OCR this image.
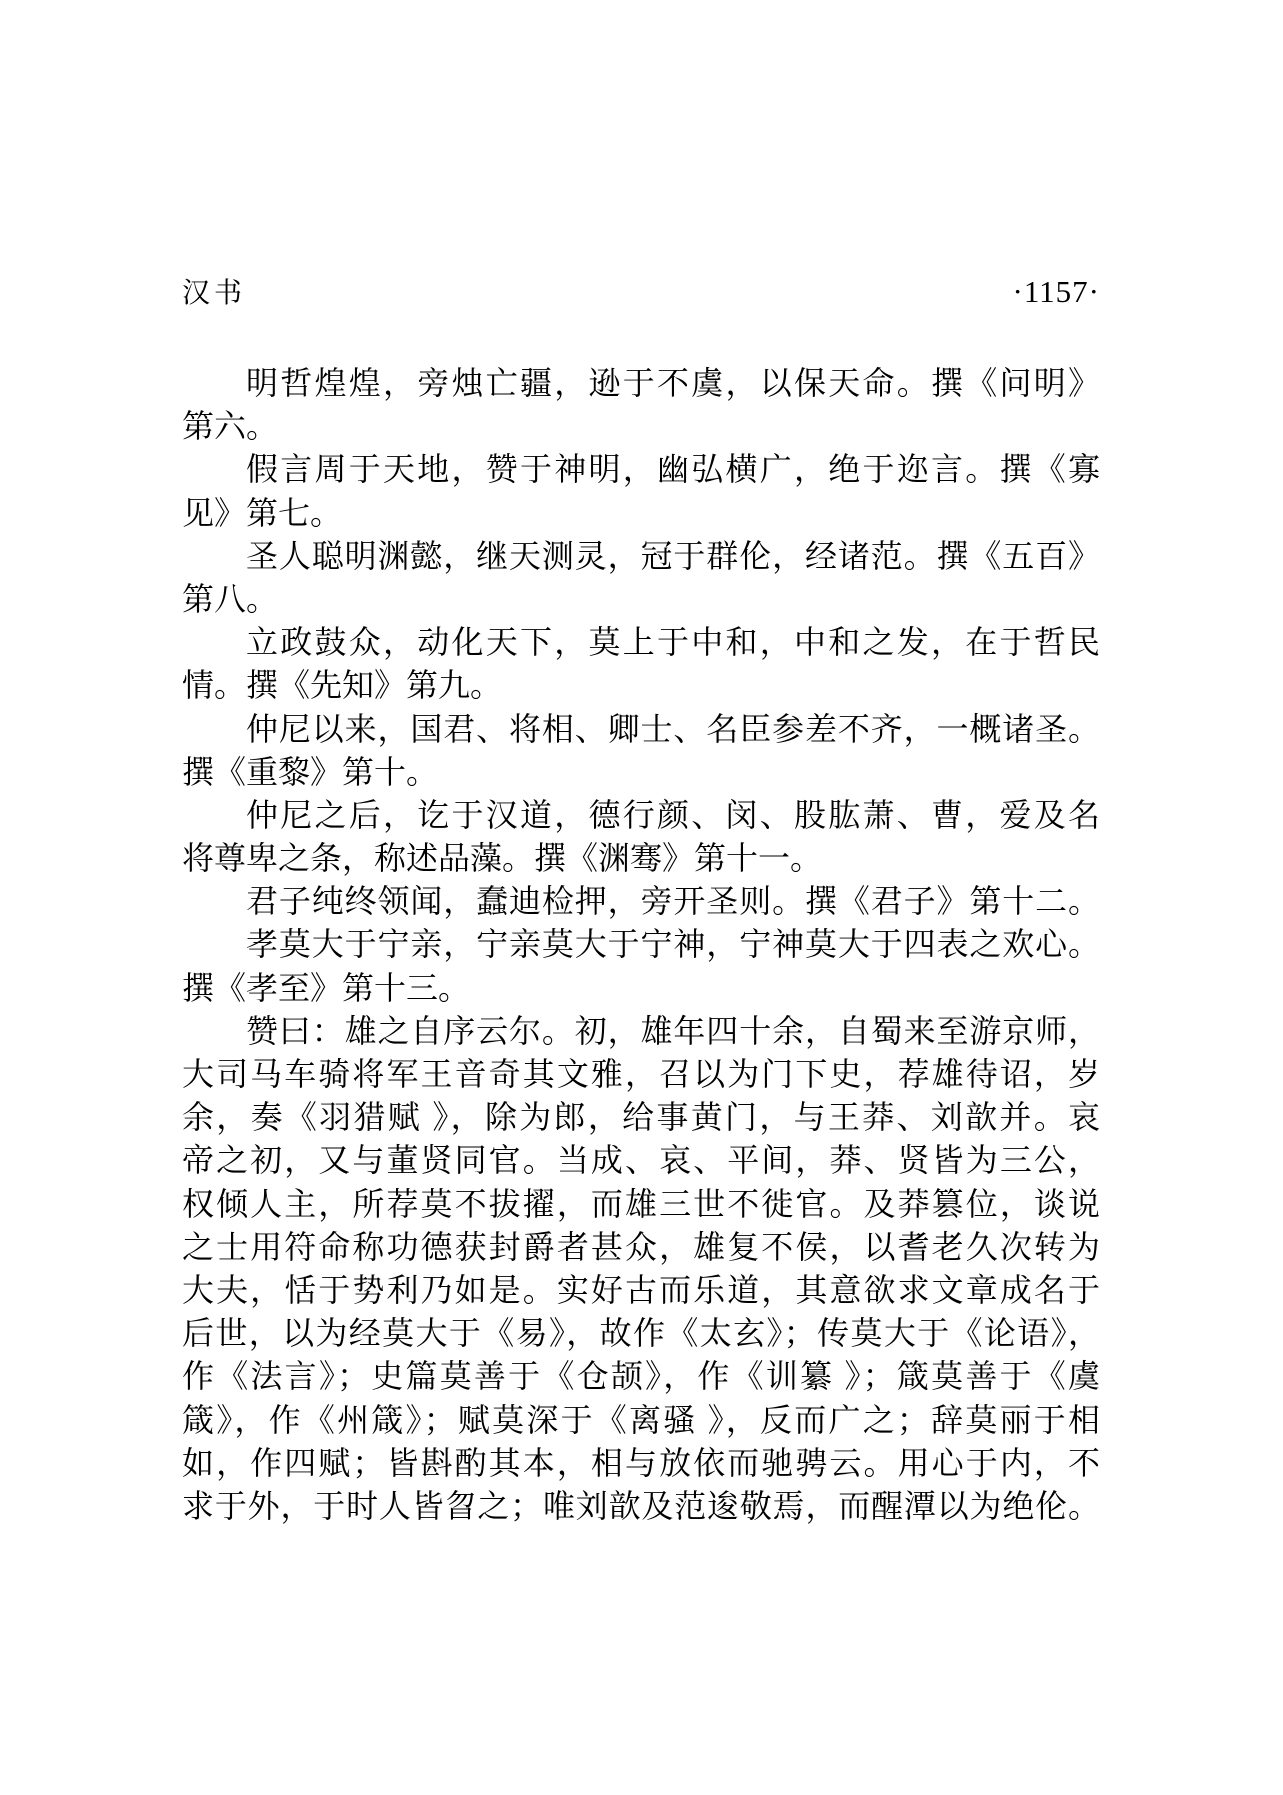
汉书	·1157·
明哲煌煌，旁烛亡疆，逊于不虞，以保天命。撰《问明》
第六。
假言周于天地，赞于神明，幽弘横广，绝于迩言。撰《寡
见》第七。
圣人聪明渊懿，继天测灵，冠于群伦，经诸范。撰《五百》
第八。
立政鼓众，动化天下，莫上于中和，中和之发，在于哲民
情。撰《先知》第九。
仲尼以来，国君、将相、卿士、名臣参差不齐，一概诸圣。
撰《重黎》第十。
仲尼之后，讫于汉道，德行颜、闵、股肱萧、曹，爱及名
将尊卑之条，称述品藻。撰《渊骞》第十一。
君子纯终领闻，蠢迪检押，旁开圣则。撰《君子》第十二。
孝莫大于宁亲，宁亲莫大于宁神，宁神莫大于四表之欢心。
撰《孝至》第十三。
赞曰：雄之自序云尔。初，雄年四十余，自蜀来至游京师，
大司马车骑将军王音奇其文雅，召以为门下史，荐雄待诏，岁
余，奏《羽猎赋 》，除为郎，给事黄门，与王莽、刘歆并。哀
帝之初，又与董贤同官。当成、哀、平间，莽、贤皆为三公，
权倾人主，所荐莫不拔擢，而雄三世不徙官。及莽篡位，谈说
之士用符命称功德获封爵者甚众，雄复不侯，以耆老久次转为
大夫，恬于势利乃如是。实好古而乐道，其意欲求文章成名于
后世，以为经莫大于《易》，故作《太玄》；传莫大于《论语》，
作《法言》；史篇莫善于《仓颉》，作《训纂 》；箴莫善于《虞
箴》，作《州箴》；赋莫深于《离骚 》，反而广之；辞莫丽于相
如，作四赋；皆斟酌其本，相与放依而驰骋云。用心于内，不
求于外，于时人皆曶之；唯刘歆及范逡敬焉，而醒潭以为绝伦。
